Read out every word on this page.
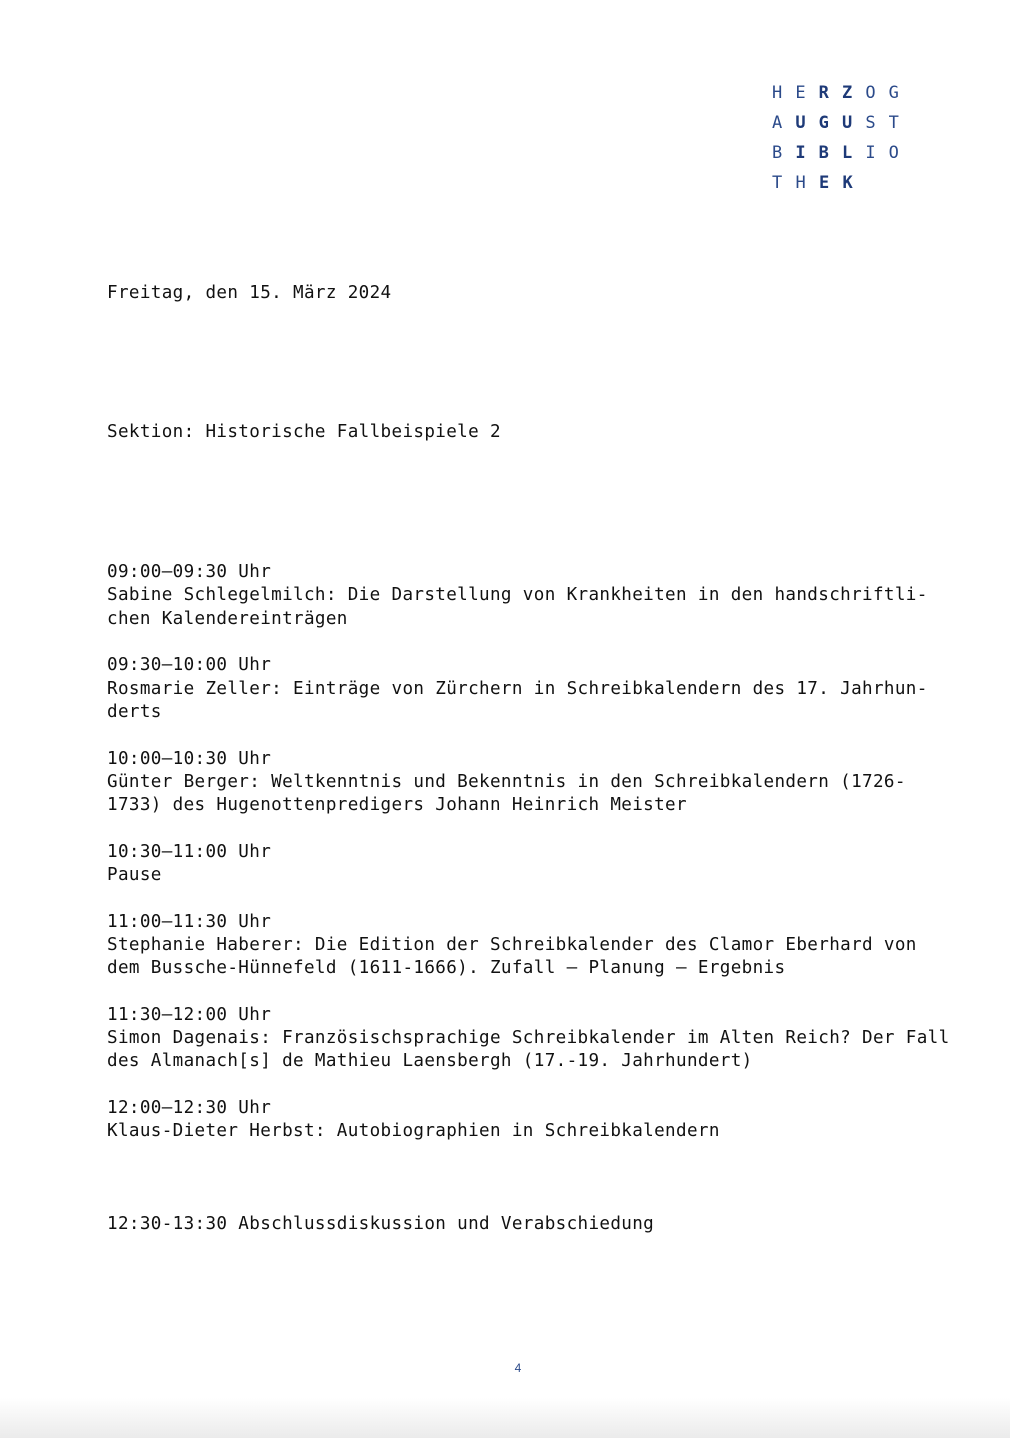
H E R Z O G
A U G U S T
B I B L I O
T H E K

Freitag, den 15. März 2024

Sektion: Historische Fallbeispiele 2

09:00–09:30 Uhr
Sabine Schlegelmilch: Die Darstellung von Krankheiten in den handschriftli-
chen Kalendereinträgen
09:30–10:00 Uhr
Rosmarie Zeller: Einträge von Zürchern in Schreibkalendern des 17. Jahrhun-
derts
10:00–10:30 Uhr
Günter Berger: Weltkenntnis und Bekenntnis in den Schreibkalendern (1726-
1733) des Hugenottenpredigers Johann Heinrich Meister
10:30–11:00 Uhr
Pause
11:00–11:30 Uhr
Stephanie Haberer: Die Edition der Schreibkalender des Clamor Eberhard von
dem Bussche-Hünnefeld (1611-1666). Zufall – Planung – Ergebnis
11:30–12:00 Uhr
Simon Dagenais: Französischsprachige Schreibkalender im Alten Reich? Der Fall
des Almanach[s] de Mathieu Laensbergh (17.-19. Jahrhundert)
12:00–12:30 Uhr
Klaus-Dieter Herbst: Autobiographien in Schreibkalendern

12:30-13:30 Abschlussdiskussion und Verabschiedung

4
